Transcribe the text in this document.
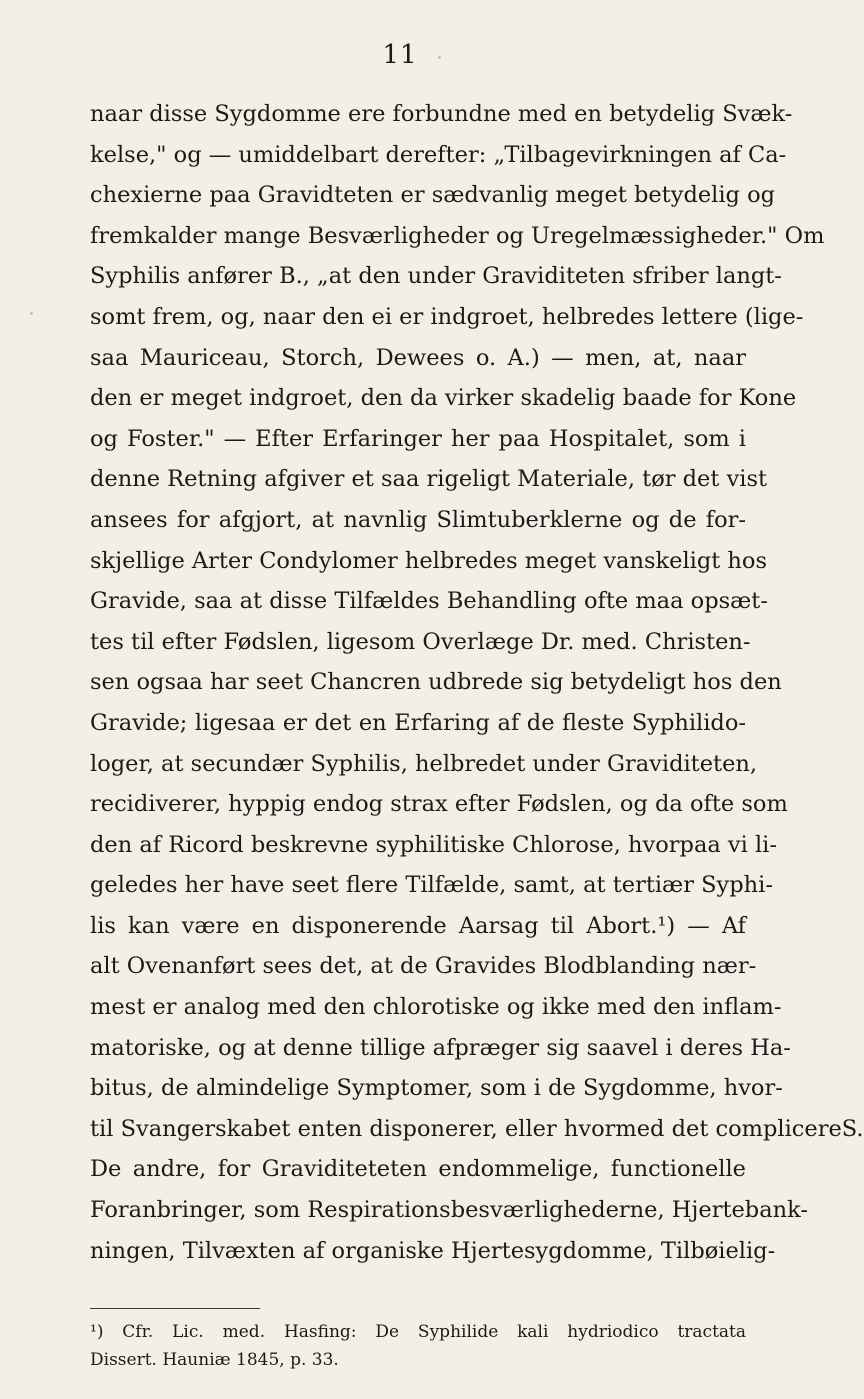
11
naar disse Sygdomme ere forbundne med en betydelig Svæk-
kelse," og — umiddelbart derefter: „Tilbagevirkningen af Ca-
chexierne paa Gravidteten er sædvanlig meget betydelig og
fremkalder mange Besværligheder og Uregelmæssigheder." Om
Syphilis anfører B., „at den under Graviditeten sfriber langt-
somt frem, og, naar den ei er indgroet, helbredes lettere (lige-
saa Mauriceau, Storch, Dewees o. A.) — men, at, naar
den er meget indgroet, den da virker skadelig baade for Kone
og Foster." — Efter Erfaringer her paa Hospitalet, som i
denne Retning afgiver et saa rigeligt Materiale, tør det vist
ansees for afgjort, at navnlig Slimtuberklerne og de for-
skjellige Arter Condylomer helbredes meget vanskeligt hos
Gravide, saa at disse Tilfældes Behandling ofte maa opsæt-
tes til efter Fødslen, ligesom Overlæge Dr. med. Christen-
sen ogsaa har seet Chancren udbrede sig betydeligt hos den
Gravide; ligesaa er det en Erfaring af de fleste Syphilido-
loger, at secundær Syphilis, helbredet under Graviditeten,
recidiverer, hyppig endog strax efter Fødslen, og da ofte som
den af Ricord beskrevne syphilitiske Chlorose, hvorpaa vi li-
geledes her have seet flere Tilfælde, samt, at tertiær Syphi-
lis kan være en disponerende Aarsag til Abort.¹) — Af
alt Ovenanført sees det, at de Gravides Blodblanding nær-
mest er analog med den chlorotiske og ikke med den inflam-
matoriske, og at denne tillige afpræger sig saavel i deres Ha-
bitus, de almindelige Symptomer, som i de Sygdomme, hvor-
til Svangerskabet enten disponerer, eller hvormed det complicereS.
De andre, for Graviditeteten endommelige, functionelle
Foranbringer, som Respirationsbesværlighederne, Hjertebank-
ningen, Tilvæxten af organiske Hjertesygdomme, Tilbøielig-
¹) Cfr. Lic. med. Hasfing: De Syphilide kali hydriodico tractata
Dissert. Hauniæ 1845, p. 33.
